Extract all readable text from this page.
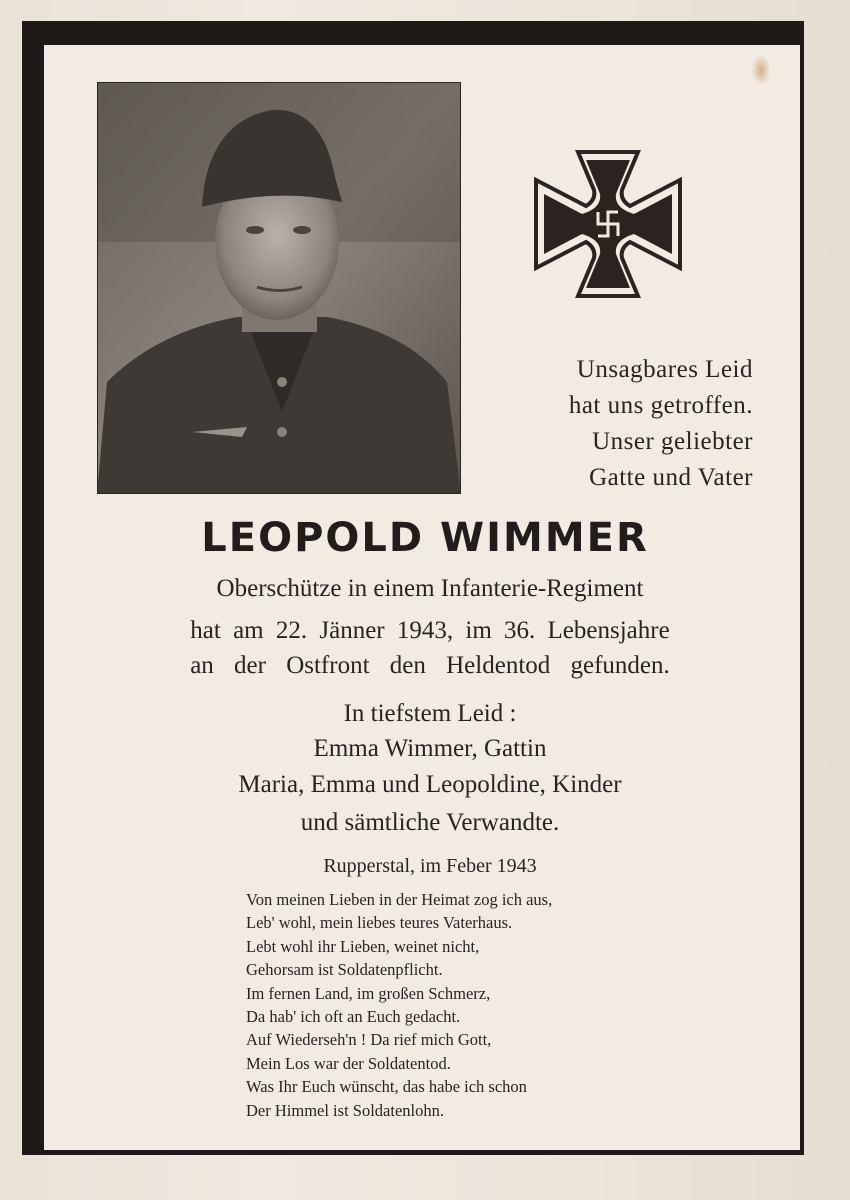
Unsagbares Leid
hat uns getroffen.
Unser geliebter
Gatte und Vater
LEOPOLD WIMMER
Oberschütze in einem Infanterie-Regiment
hat am 22. Jänner 1943, im 36. Lebensjahre
an der Ostfront den Heldentod gefunden.
In tiefstem Leid :
Emma Wimmer, Gattin
Maria, Emma und Leopoldine, Kinder
und sämtliche Verwandte.
Rupperstal, im Feber 1943
Von meinen Lieben in der Heimat zog ich aus,
Leb' wohl, mein liebes teures Vaterhaus.
Lebt wohl ihr Lieben, weinet nicht,
Gehorsam ist Soldatenpflicht.
Im fernen Land, im großen Schmerz,
Da hab' ich oft an Euch gedacht.
Auf Wiederseh'n ! Da rief mich Gott,
Mein Los war der Soldatentod.
Was Ihr Euch wünscht, das habe ich schon
Der Himmel ist Soldatenlohn.
